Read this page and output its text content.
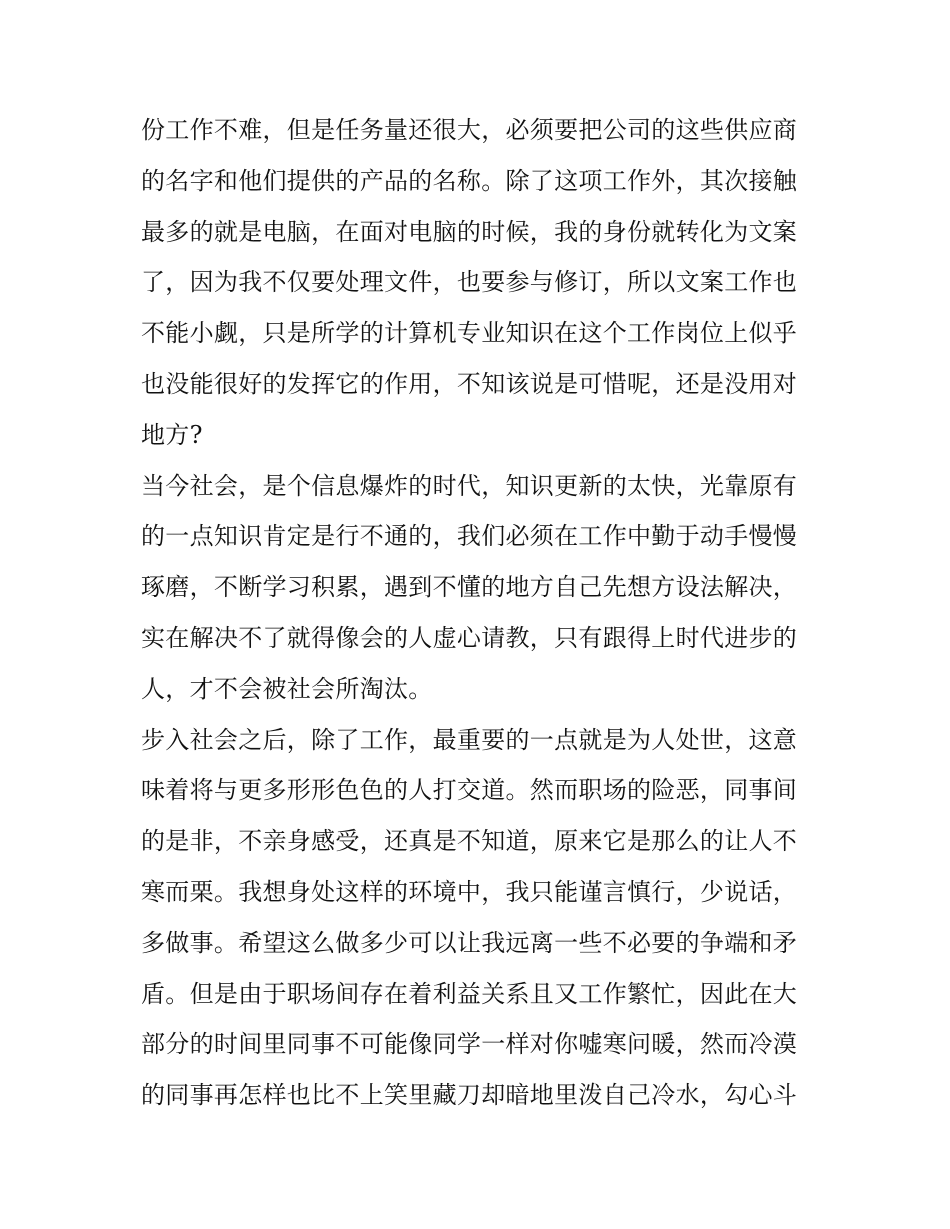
份工作不难，但是任务量还很大，必须要把公司的这些供应商
的名字和他们提供的产品的名称。除了这项工作外，其次接触
最多的就是电脑，在面对电脑的时候，我的身份就转化为文案
了，因为我不仅要处理文件，也要参与修订，所以文案工作也
不能小觑，只是所学的计算机专业知识在这个工作岗位上似乎
也没能很好的发挥它的作用，不知该说是可惜呢，还是没用对
地方?
当今社会，是个信息爆炸的时代，知识更新的太快，光靠原有
的一点知识肯定是行不通的，我们必须在工作中勤于动手慢慢
琢磨，不断学习积累，遇到不懂的地方自己先想方设法解决，
实在解决不了就得像会的人虚心请教，只有跟得上时代进步的
人，才不会被社会所淘汰。
步入社会之后，除了工作，最重要的一点就是为人处世，这意
味着将与更多形形色色的人打交道。然而职场的险恶，同事间
的是非，不亲身感受，还真是不知道，原来它是那么的让人不
寒而栗。我想身处这样的环境中，我只能谨言慎行，少说话，
多做事。希望这么做多少可以让我远离一些不必要的争端和矛
盾。但是由于职场间存在着利益关系且又工作繁忙，因此在大
部分的时间里同事不可能像同学一样对你嘘寒问暖，然而冷漠
的同事再怎样也比不上笑里藏刀却暗地里泼自己冷水，勾心斗
